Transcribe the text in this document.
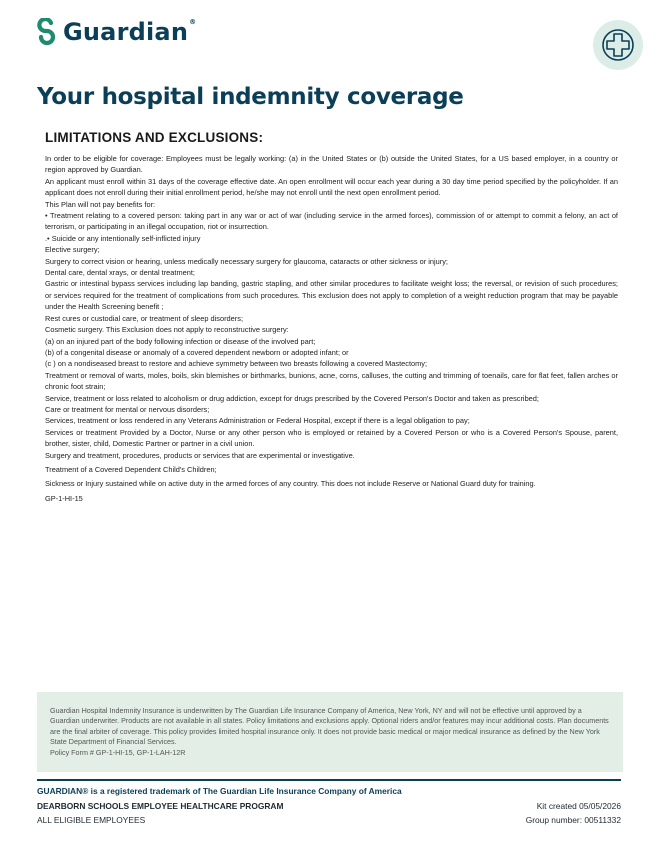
Guardian®
Your hospital indemnity coverage
LIMITATIONS AND EXCLUSIONS:

In order to be eligible for coverage: Employees must be legally working: (a) in the United States or (b) outside the United States, for a US based employer, in a country or region approved by Guardian.

An applicant must enroll within 31 days of the coverage effective date. An open enrollment will occur each year during a 30 day time period specified by the policyholder. If an applicant does not enroll during their initial enrollment period, he/she may not enroll until the next open enrollment period.

This Plan will not pay benefits for:

• Treatment relating to a covered person: taking part in any war or act of war (including service in the armed forces), commission of or attempt to commit a felony, an act of terrorism, or participating in an illegal occupation, riot or insurrection.

.• Suicide or any intentionally self-inflicted injury

Elective surgery;

Surgery to correct vision or hearing, unless medically necessary surgery for glaucoma, cataracts or other sickness or injury;

Dental care, dental xrays, or dental treatment;

Gastric or intestinal bypass services including lap banding, gastric stapling, and other similar procedures to facilitate weight loss; the reversal, or revision of such procedures; or services required for the treatment of complications from such procedures. This exclusion does not apply to completion of a weight reduction program that may be payable under the Health Screening benefit ;

Rest cures or custodial care, or treatment of sleep disorders;

Cosmetic surgery. This Exclusion does not apply to reconstructive surgery:

(a) on an injured part of the body following infection or disease of the involved part;

(b) of a congenital disease or anomaly of a covered dependent newborn or adopted infant; or

(c ) on a nondiseased breast to restore and achieve symmetry between two breasts following a covered Mastectomy;

Treatment or removal of warts, moles, boils, skin blemishes or birthmarks, bunions, acne, corns, calluses, the cutting and trimming of toenails, care for flat feet, fallen arches or chronic foot strain;

Service, treatment or loss related to alcoholism or drug addiction, except for drugs prescribed by the Covered Person's Doctor and taken as prescribed;

Care or treatment for mental or nervous disorders;

Services, treatment or loss rendered in any Veterans Administration or Federal Hospital, except if there is a legal obligation to pay;

Services or treatment Provided by a Doctor, Nurse or any other person who is employed or retained by a Covered Person or who is a Covered Person's Spouse, parent, brother, sister, child, Domestic Partner or partner in a civil union.

Surgery and treatment, procedures, products or services that are experimental or investigative.

Treatment of a Covered Dependent Child's Children;

Sickness or Injury sustained while on active duty in the armed forces of any country. This does not include Reserve or National Guard duty for training.

GP-1-HI-15

Guardian Hospital Indemnity Insurance is underwritten by The Guardian Life Insurance Company of America, New York, NY and will not be effective until approved by a Guardian underwriter. Products are not available in all states. Policy limitations and exclusions apply. Optional riders and/or features may incur additional costs. Plan documents are the final arbiter of coverage. This policy provides limited hospital insurance only. It does not provide basic medical or major medical insurance as defined by the New York State Department of Financial Services.

Policy Form # GP-1-HI-15, GP-1-LAH-12R

GUARDIAN® is a registered trademark of The Guardian Life Insurance Company of America
DEARBORN SCHOOLS EMPLOYEE HEALTHCARE PROGRAM	Kit created 05/05/2026
ALL ELIGIBLE EMPLOYEES	Group number: 00511332
